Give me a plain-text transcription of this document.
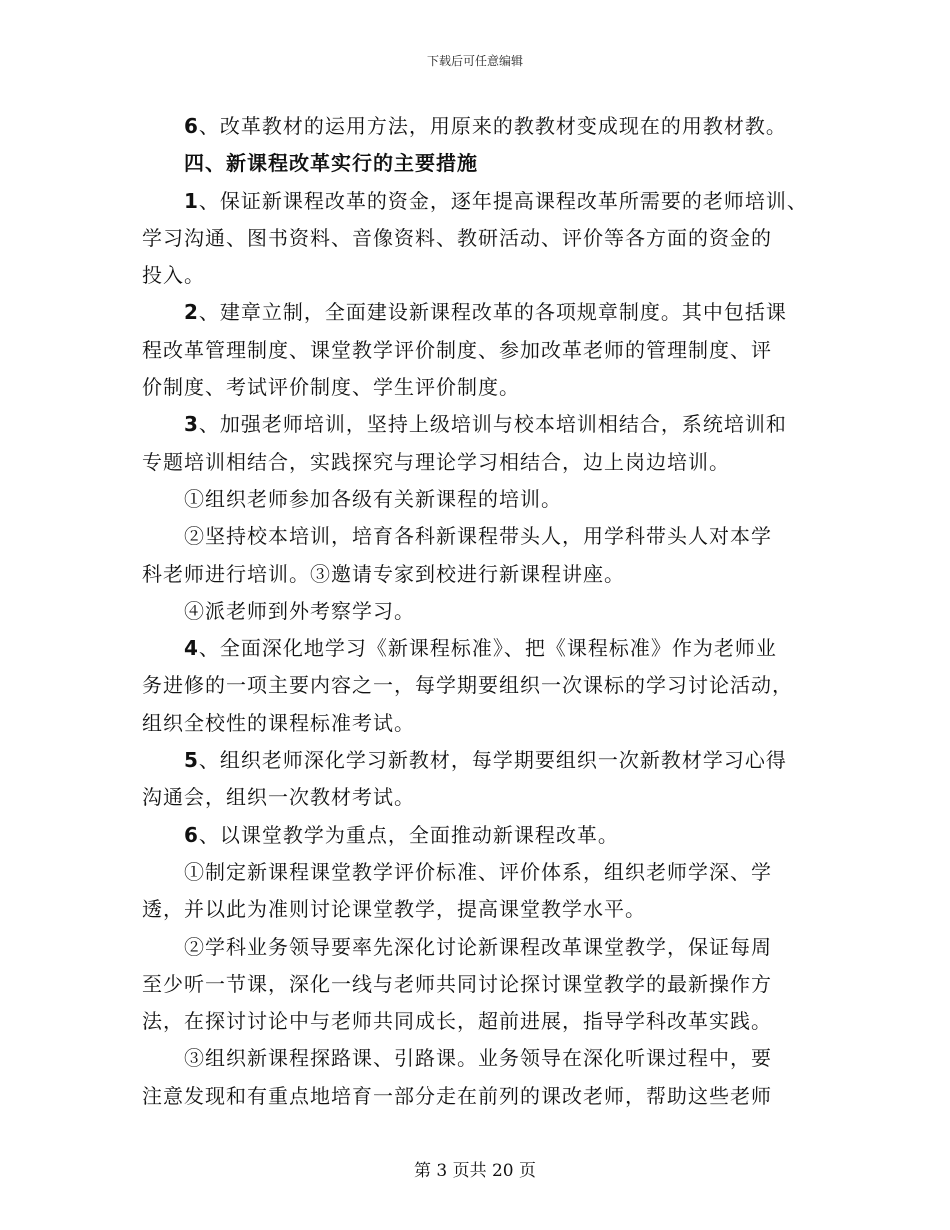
下载后可任意编辑
6、改革教材的运用方法，用原来的教教材变成现在的用教材教。
四、新课程改革实行的主要措施
1、保证新课程改革的资金，逐年提高课程改革所需要的老师培训、
学习沟通、图书资料、音像资料、教研活动、评价等各方面的资金的
投入。
2、建章立制，全面建设新课程改革的各项规章制度。其中包括课
程改革管理制度、课堂教学评价制度、参加改革老师的管理制度、评
价制度、考试评价制度、学生评价制度。
3、加强老师培训，坚持上级培训与校本培训相结合，系统培训和
专题培训相结合，实践探究与理论学习相结合，边上岗边培训。
①组织老师参加各级有关新课程的培训。
②坚持校本培训，培育各科新课程带头人，用学科带头人对本学
科老师进行培训。③邀请专家到校进行新课程讲座。
④派老师到外考察学习。
4、全面深化地学习《新课程标准》、把《课程标准》作为老师业
务进修的一项主要内容之一，每学期要组织一次课标的学习讨论活动，
组织全校性的课程标准考试。
5、组织老师深化学习新教材，每学期要组织一次新教材学习心得
沟通会，组织一次教材考试。
6、以课堂教学为重点，全面推动新课程改革。
①制定新课程课堂教学评价标准、评价体系，组织老师学深、学
透，并以此为准则讨论课堂教学，提高课堂教学水平。
②学科业务领导要率先深化讨论新课程改革课堂教学，保证每周
至少听一节课，深化一线与老师共同讨论探讨课堂教学的最新操作方
法，在探讨讨论中与老师共同成长，超前进展，指导学科改革实践。
③组织新课程探路课、引路课。业务领导在深化听课过程中，要
注意发现和有重点地培育一部分走在前列的课改老师，帮助这些老师
第 3 页共 20 页
